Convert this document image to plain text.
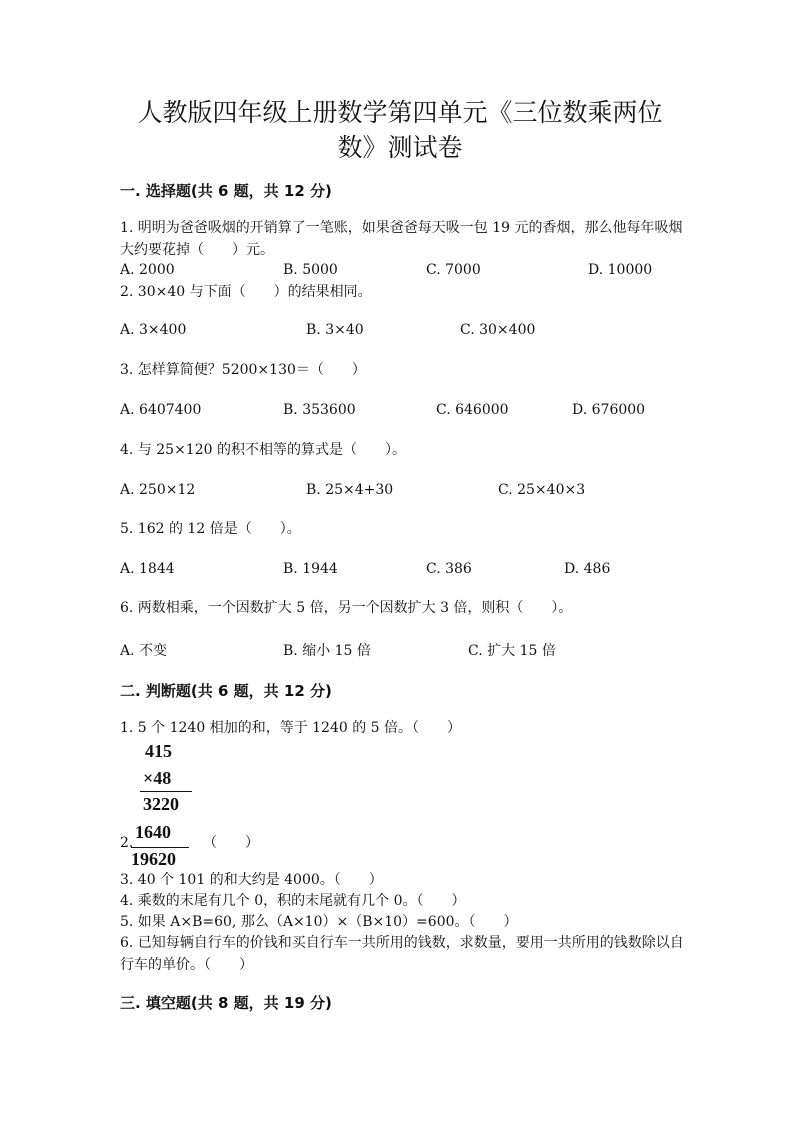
人教版四年级上册数学第四单元《三位数乘两位
数》测试卷
一. 选择题(共 6 题，共 12 分)
1. 明明为爸爸吸烟的开销算了一笔账，如果爸爸每天吸一包 19 元的香烟，那么他每年吸烟大约要花掉（　　）元。
A. 2000	B. 5000	C. 7000	D. 10000
2. 30×40 与下面（　　）的结果相同。
A. 3×400	B. 3×40	C. 30×400
3. 怎样算简便？5200×130＝（　　）
A. 6407400	B. 353600	C. 646000	D. 676000
4. 与 25×120 的积不相等的算式是（　　）。
A. 250×12	B. 25×4+30	C. 25×40×3
5. 162 的 12 倍是（　　）。
A. 1844	B. 1944	C. 386	D. 486
6. 两数相乘，一个因数扩大 5 倍，另一个因数扩大 3 倍，则积（　　）。
A. 不变	B. 缩小 15 倍	C. 扩大 15 倍
二. 判断题(共 6 题，共 12 分)
1. 5 个 1240 相加的和，等于 1240 的 5 倍。（　　）
415
×48
3220
2.
1640
19620
（　　）
3. 40 个 101 的和大约是 4000。（　　）
4. 乘数的末尾有几个 0，积的末尾就有几个 0。（　　）
5. 如果 A×B=60, 那么（A×10）×（B×10）=600。（　　）
6. 已知每辆自行车的价钱和买自行车一共所用的钱数，求数量，要用一共所用的钱数除以自行车的单价。（　　）
三. 填空题(共 8 题，共 19 分)
